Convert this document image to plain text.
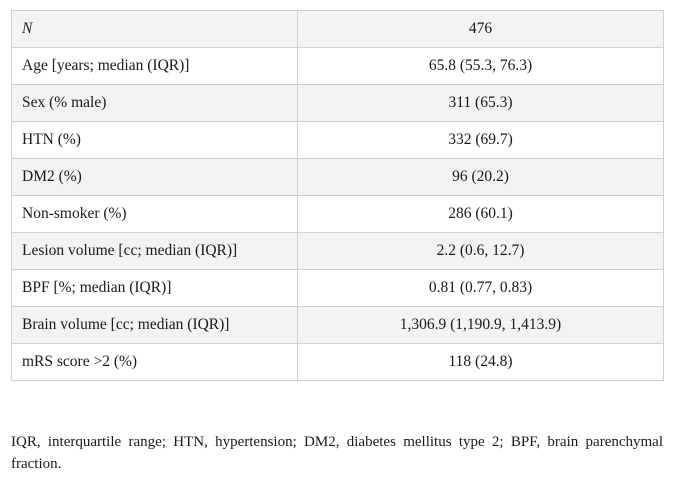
N	476
Age [years; median (IQR)]	65.8 (55.3, 76.3)
Sex (% male)	311 (65.3)
HTN (%)	332 (69.7)
DM2 (%)	96 (20.2)
Non-smoker (%)	286 (60.1)
Lesion volume [cc; median (IQR)]	2.2 (0.6, 12.7)
BPF [%; median (IQR)]	0.81 (0.77, 0.83)
Brain volume [cc; median (IQR)]	1,306.9 (1,190.9, 1,413.9)
mRS score >2 (%)	118 (24.8)
IQR, interquartile range; HTN, hypertension; DM2, diabetes mellitus type 2; BPF, brain parenchymal fraction.
